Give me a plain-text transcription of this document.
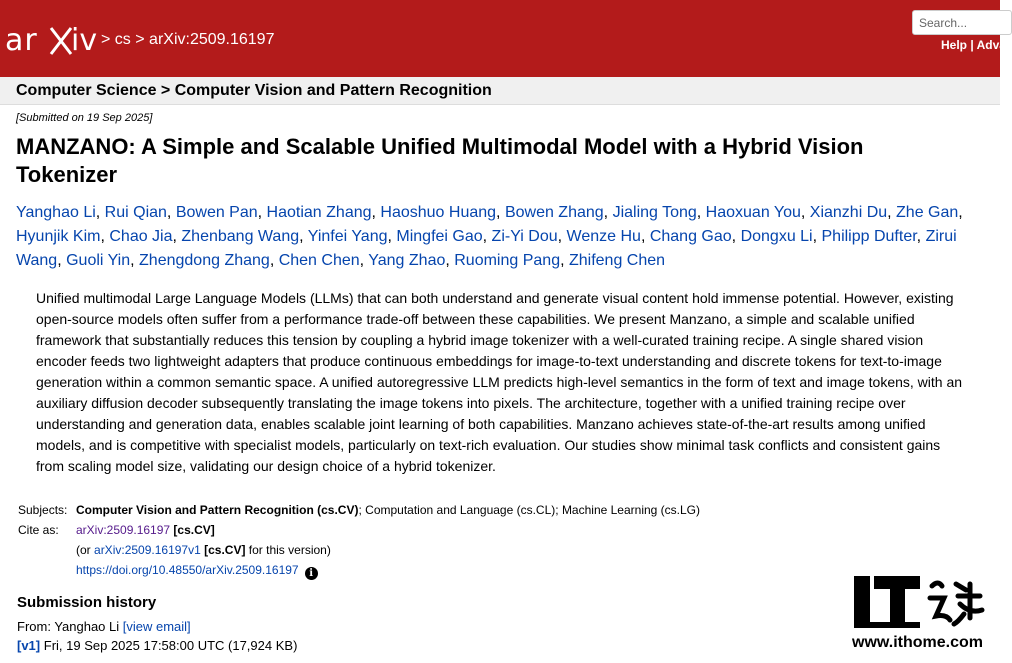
ar iv > cs > arXiv:2509.16197
Search...	Help | Adva
Computer Science > Computer Vision and Pattern Recognition
[Submitted on 19 Sep 2025]
MANZANO: A Simple and Scalable Unified Multimodal Model with a Hybrid Vision Tokenizer
Yanghao Li, Rui Qian, Bowen Pan, Haotian Zhang, Haoshuo Huang, Bowen Zhang, Jialing Tong, Haoxuan You, Xianzhi Du, Zhe Gan, Hyunjik Kim, Chao Jia, Zhenbang Wang, Yinfei Yang, Mingfei Gao, Zi-Yi Dou, Wenze Hu, Chang Gao, Dongxu Li, Philipp Dufter, Zirui Wang, Guoli Yin, Zhengdong Zhang, Chen Chen, Yang Zhao, Ruoming Pang, Zhifeng Chen

Unified multimodal Large Language Models (LLMs) that can both understand and generate visual content hold immense potential. However, existing open-source models often suffer from a performance trade-off between these capabilities. We present Manzano, a simple and scalable unified framework that substantially reduces this tension by coupling a hybrid image tokenizer with a well-curated training recipe. A single shared vision encoder feeds two lightweight adapters that produce continuous embeddings for image-to-text understanding and discrete tokens for text-to-image generation within a common semantic space. A unified autoregressive LLM predicts high-level semantics in the form of text and image tokens, with an auxiliary diffusion decoder subsequently translating the image tokens into pixels. The architecture, together with a unified training recipe over understanding and generation data, enables scalable joint learning of both capabilities. Manzano achieves state-of-the-art results among unified models, and is competitive with specialist models, particularly on text-rich evaluation. Our studies show minimal task conflicts and consistent gains from scaling model size, validating our design choice of a hybrid tokenizer.

Subjects: Computer Vision and Pattern Recognition (cs.CV); Computation and Language (cs.CL); Machine Learning (cs.LG)
Cite as:	arXiv:2509.16197 [cs.CV]
(or arXiv:2509.16197v1 [cs.CV] for this version)
https://doi.org/10.48550/arXiv.2509.16197 i
Submission history
From: Yanghao Li [view email]
[v1] Fri, 19 Sep 2025 17:58:00 UTC (17,924 KB)	www.ithome.com
